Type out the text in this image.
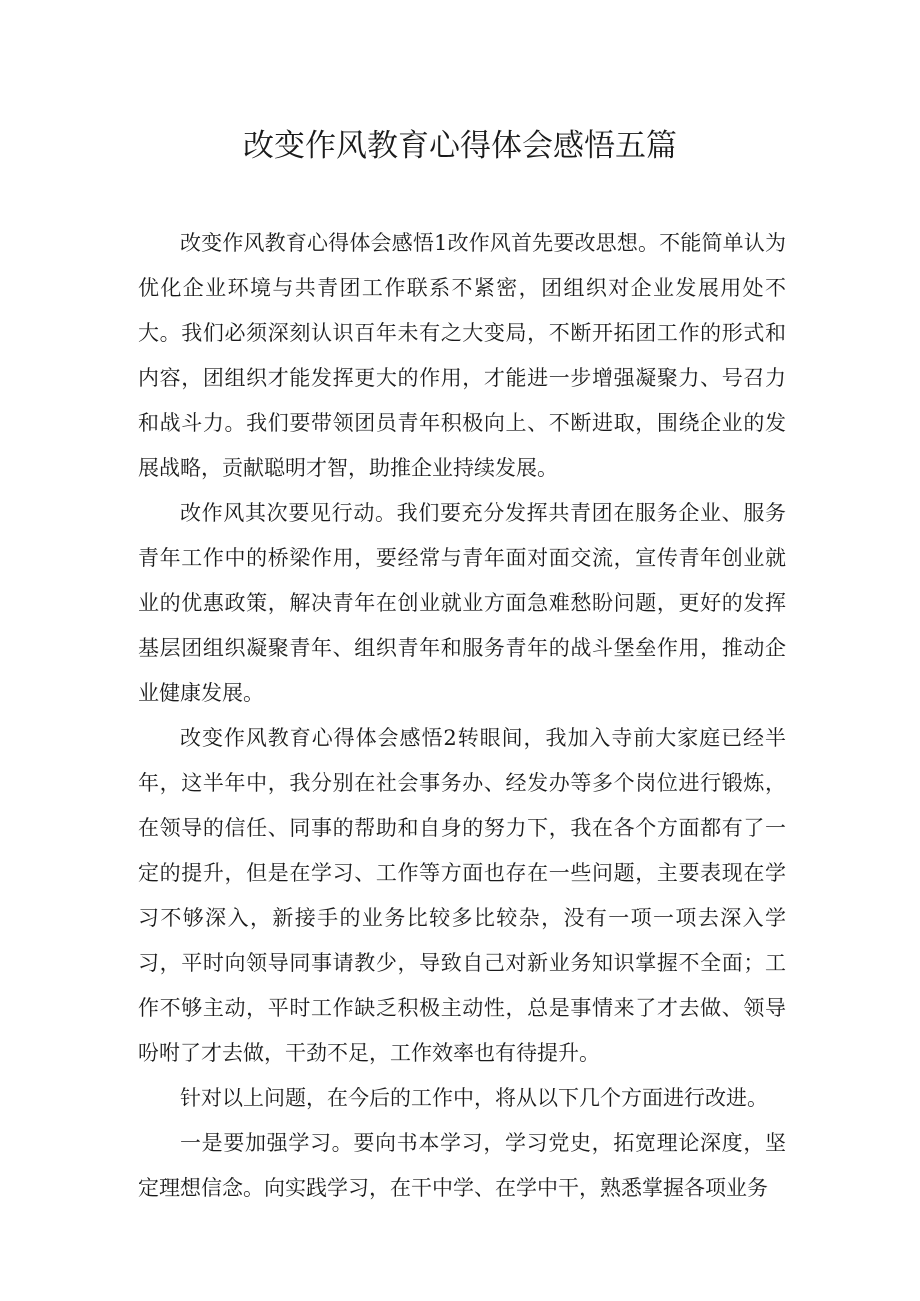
改变作风教育心得体会感悟五篇

改变作风教育心得体会感悟1改作风首先要改思想。不能简单认为优化企业环境与共青团工作联系不紧密，团组织对企业发展用处不大。我们必须深刻认识百年未有之大变局，不断开拓团工作的形式和内容，团组织才能发挥更大的作用，才能进一步增强凝聚力、号召力和战斗力。我们要带领团员青年积极向上、不断进取，围绕企业的发展战略，贡献聪明才智，助推企业持续发展。

改作风其次要见行动。我们要充分发挥共青团在服务企业、服务青年工作中的桥梁作用，要经常与青年面对面交流，宣传青年创业就业的优惠政策，解决青年在创业就业方面急难愁盼问题，更好的发挥基层团组织凝聚青年、组织青年和服务青年的战斗堡垒作用，推动企业健康发展。

改变作风教育心得体会感悟2转眼间，我加入寺前大家庭已经半年，这半年中，我分别在社会事务办、经发办等多个岗位进行锻炼，在领导的信任、同事的帮助和自身的努力下，我在各个方面都有了一定的提升，但是在学习、工作等方面也存在一些问题，主要表现在学习不够深入，新接手的业务比较多比较杂，没有一项一项去深入学习，平时向领导同事请教少，导致自己对新业务知识掌握不全面；工作不够主动，平时工作缺乏积极主动性，总是事情来了才去做、领导吩咐了才去做，干劲不足，工作效率也有待提升。

针对以上问题，在今后的工作中，将从以下几个方面进行改进。

一是要加强学习。要向书本学习，学习党史，拓宽理论深度，坚定理想信念。向实践学习，在干中学、在学中干，熟悉掌握各项业务
